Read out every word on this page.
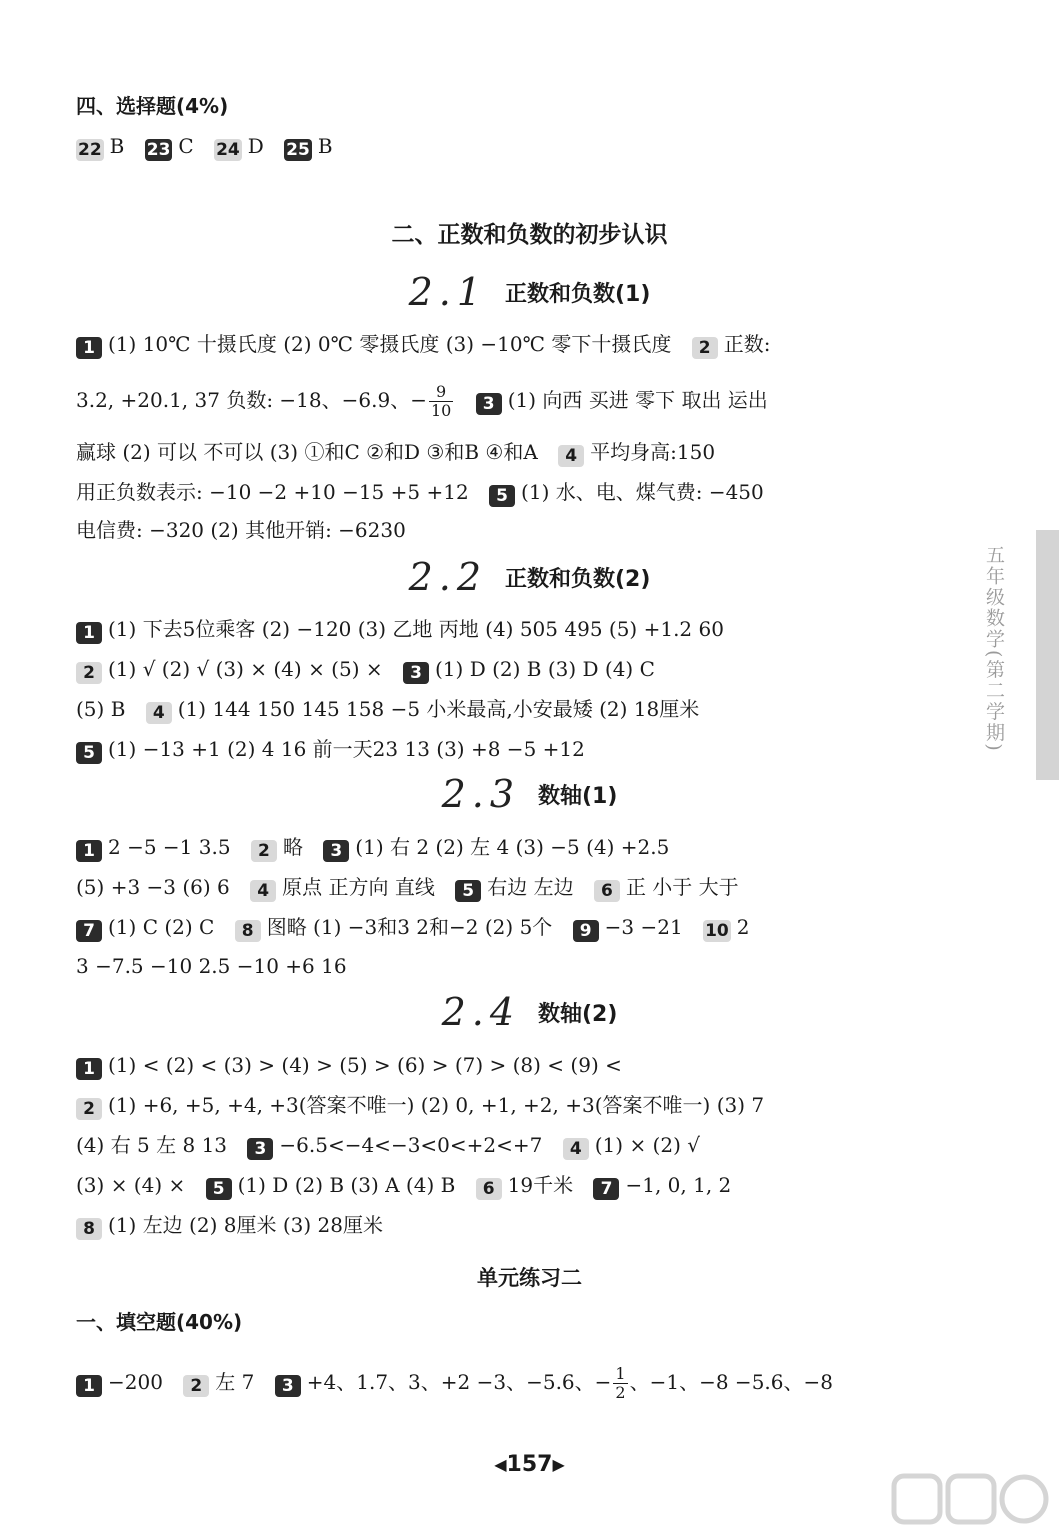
四、选择题(4%)
22 B 23 C 24 D 25 B
二、正数和负数的初步认识
2.1 正数和负数(1)
1 (1) 10℃ 十摄氏度 (2) 0℃ 零摄氏度 (3) −10℃ 零下十摄氏度 2 正数:
3.2, +20.1, 37 负数: −18、−6.9、− $\frac{9}{10} 3$ (1) 向西 买进 零下 取出 运出
赢球 (2) 可以 不可以 (3) ①和C ②和D ③和B ④和A 4 平均身高:150
用正负数表示: −10 −2 +10 −15 +5 +12 5 (1) 水、电、煤气费: −450
电信费: −320 (2) 其他开销: −6230
2.2 正数和负数(2)
1 (1) 下去5位乘客 (2) −120 (3) 乙地 丙地 (4) 505 495 (5) +1.2 60
2 (1) √ (2) √ (3) × (4) × (5) × 3 (1) D (2) B (3) D (4) C
(5) B 4 (1) 144 150 145 158 −5 小米最高,小安最矮 (2) 18厘米
5 (1) −13 +1 (2) 4 16 前一天23 13 (3) +8 −5 +12
2.3 数轴(1)
1 2 −5 −1 3.5 2 略 3 (1) 右 2 (2) 左 4 (3) −5 (4) +2.5
(5) +3 −3 (6) 6 4 原点 正方向 直线 5 右边 左边 6 正 小于 大于
7 (1) C (2) C 8 图略 (1) −3和3 2和−2 (2) 5个 9 −3 −21 10 2
3 −7.5 −10 2.5 −10 +6 16
2.4 数轴(2)
1 (1) < (2) < (3) > (4) > (5) > (6) > (7) > (8) < (9) <
2 (1) +6, +5, +4, +3(答案不唯一) (2) 0, +1, +2, +3(答案不唯一) (3) 7
(4) 右 5 左 8 13 3 −6.5<−4<−3<0<+2<+7 4 (1) × (2) √
(3) × (4) × 5 (1) D (2) B (3) A (4) B 6 19千米 7 −1, 0, 1, 2
8 (1) 左边 (2) 8厘米 (3) 28厘米
单元练习二
一、填空题(40%)
1 −200 2 左 7 3 +4、1.7、3、+2 −3、−5.6、− $\frac{1}{2}$ 、−1、−8 −5.6、−8
五年级数学(第二学期)
◀157▶
